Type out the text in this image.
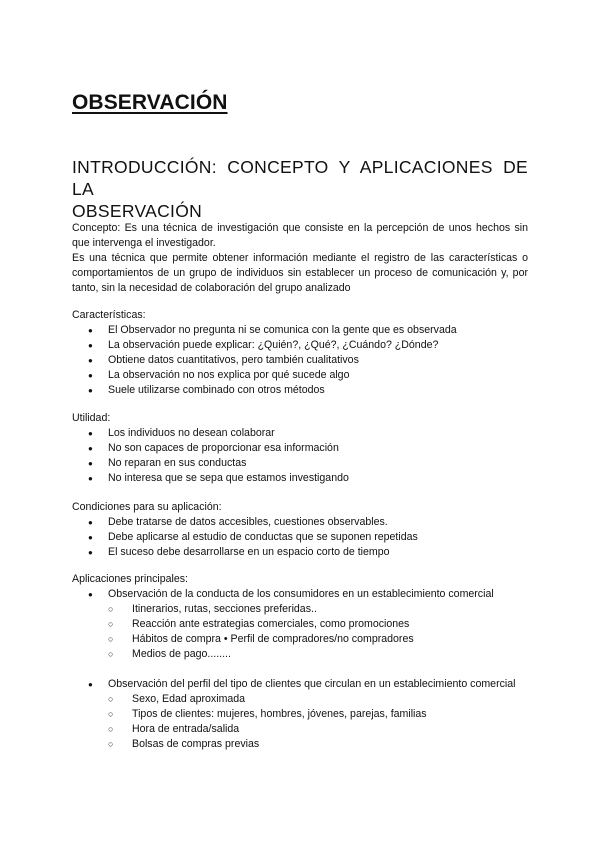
OBSERVACIÓN
INTRODUCCIÓN: CONCEPTO Y APLICACIONES DE LA
OBSERVACIÓN

Concepto: Es una técnica de investigación que consiste en la percepción de unos hechos sin que intervenga el investigador.

Es una técnica que permite obtener información mediante el registro de las características o comportamientos de un grupo de individuos sin establecer un proceso de comunicación y, por tanto, sin la necesidad de colaboración del grupo analizado

Características:

● El Observador no pregunta ni se comunica con la gente que es observada
● La observación puede explicar: ¿Quién?, ¿Qué?, ¿Cuándo? ¿Dónde?
● Obtiene datos cuantitativos, pero también cualitativos
● La observación no nos explica por qué sucede algo
● Suele utilizarse combinado con otros métodos

Utilidad:

● Los individuos no desean colaborar
● No son capaces de proporcionar esa información
● No reparan en sus conductas
● No interesa que se sepa que estamos investigando

Condiciones para su aplicación:

● Debe tratarse de datos accesibles, cuestiones observables.
● Debe aplicarse al estudio de conductas que se suponen repetidas
● El suceso debe desarrollarse en un espacio corto de tiempo

Aplicaciones principales:

● Observación de la conducta de los consumidores en un establecimiento comercial
○ Itinerarios, rutas, secciones preferidas..
○ Reacción ante estrategias comerciales, como promociones
○ Hábitos de compra • Perfil de compradores/no compradores
○ Medios de pago........
● Observación del perfil del tipo de clientes que circulan en un establecimiento comercial
○ Sexo, Edad aproximada
○ Tipos de clientes: mujeres, hombres, jóvenes, parejas, familias
○ Hora de entrada/salida
○ Bolsas de compras previas
